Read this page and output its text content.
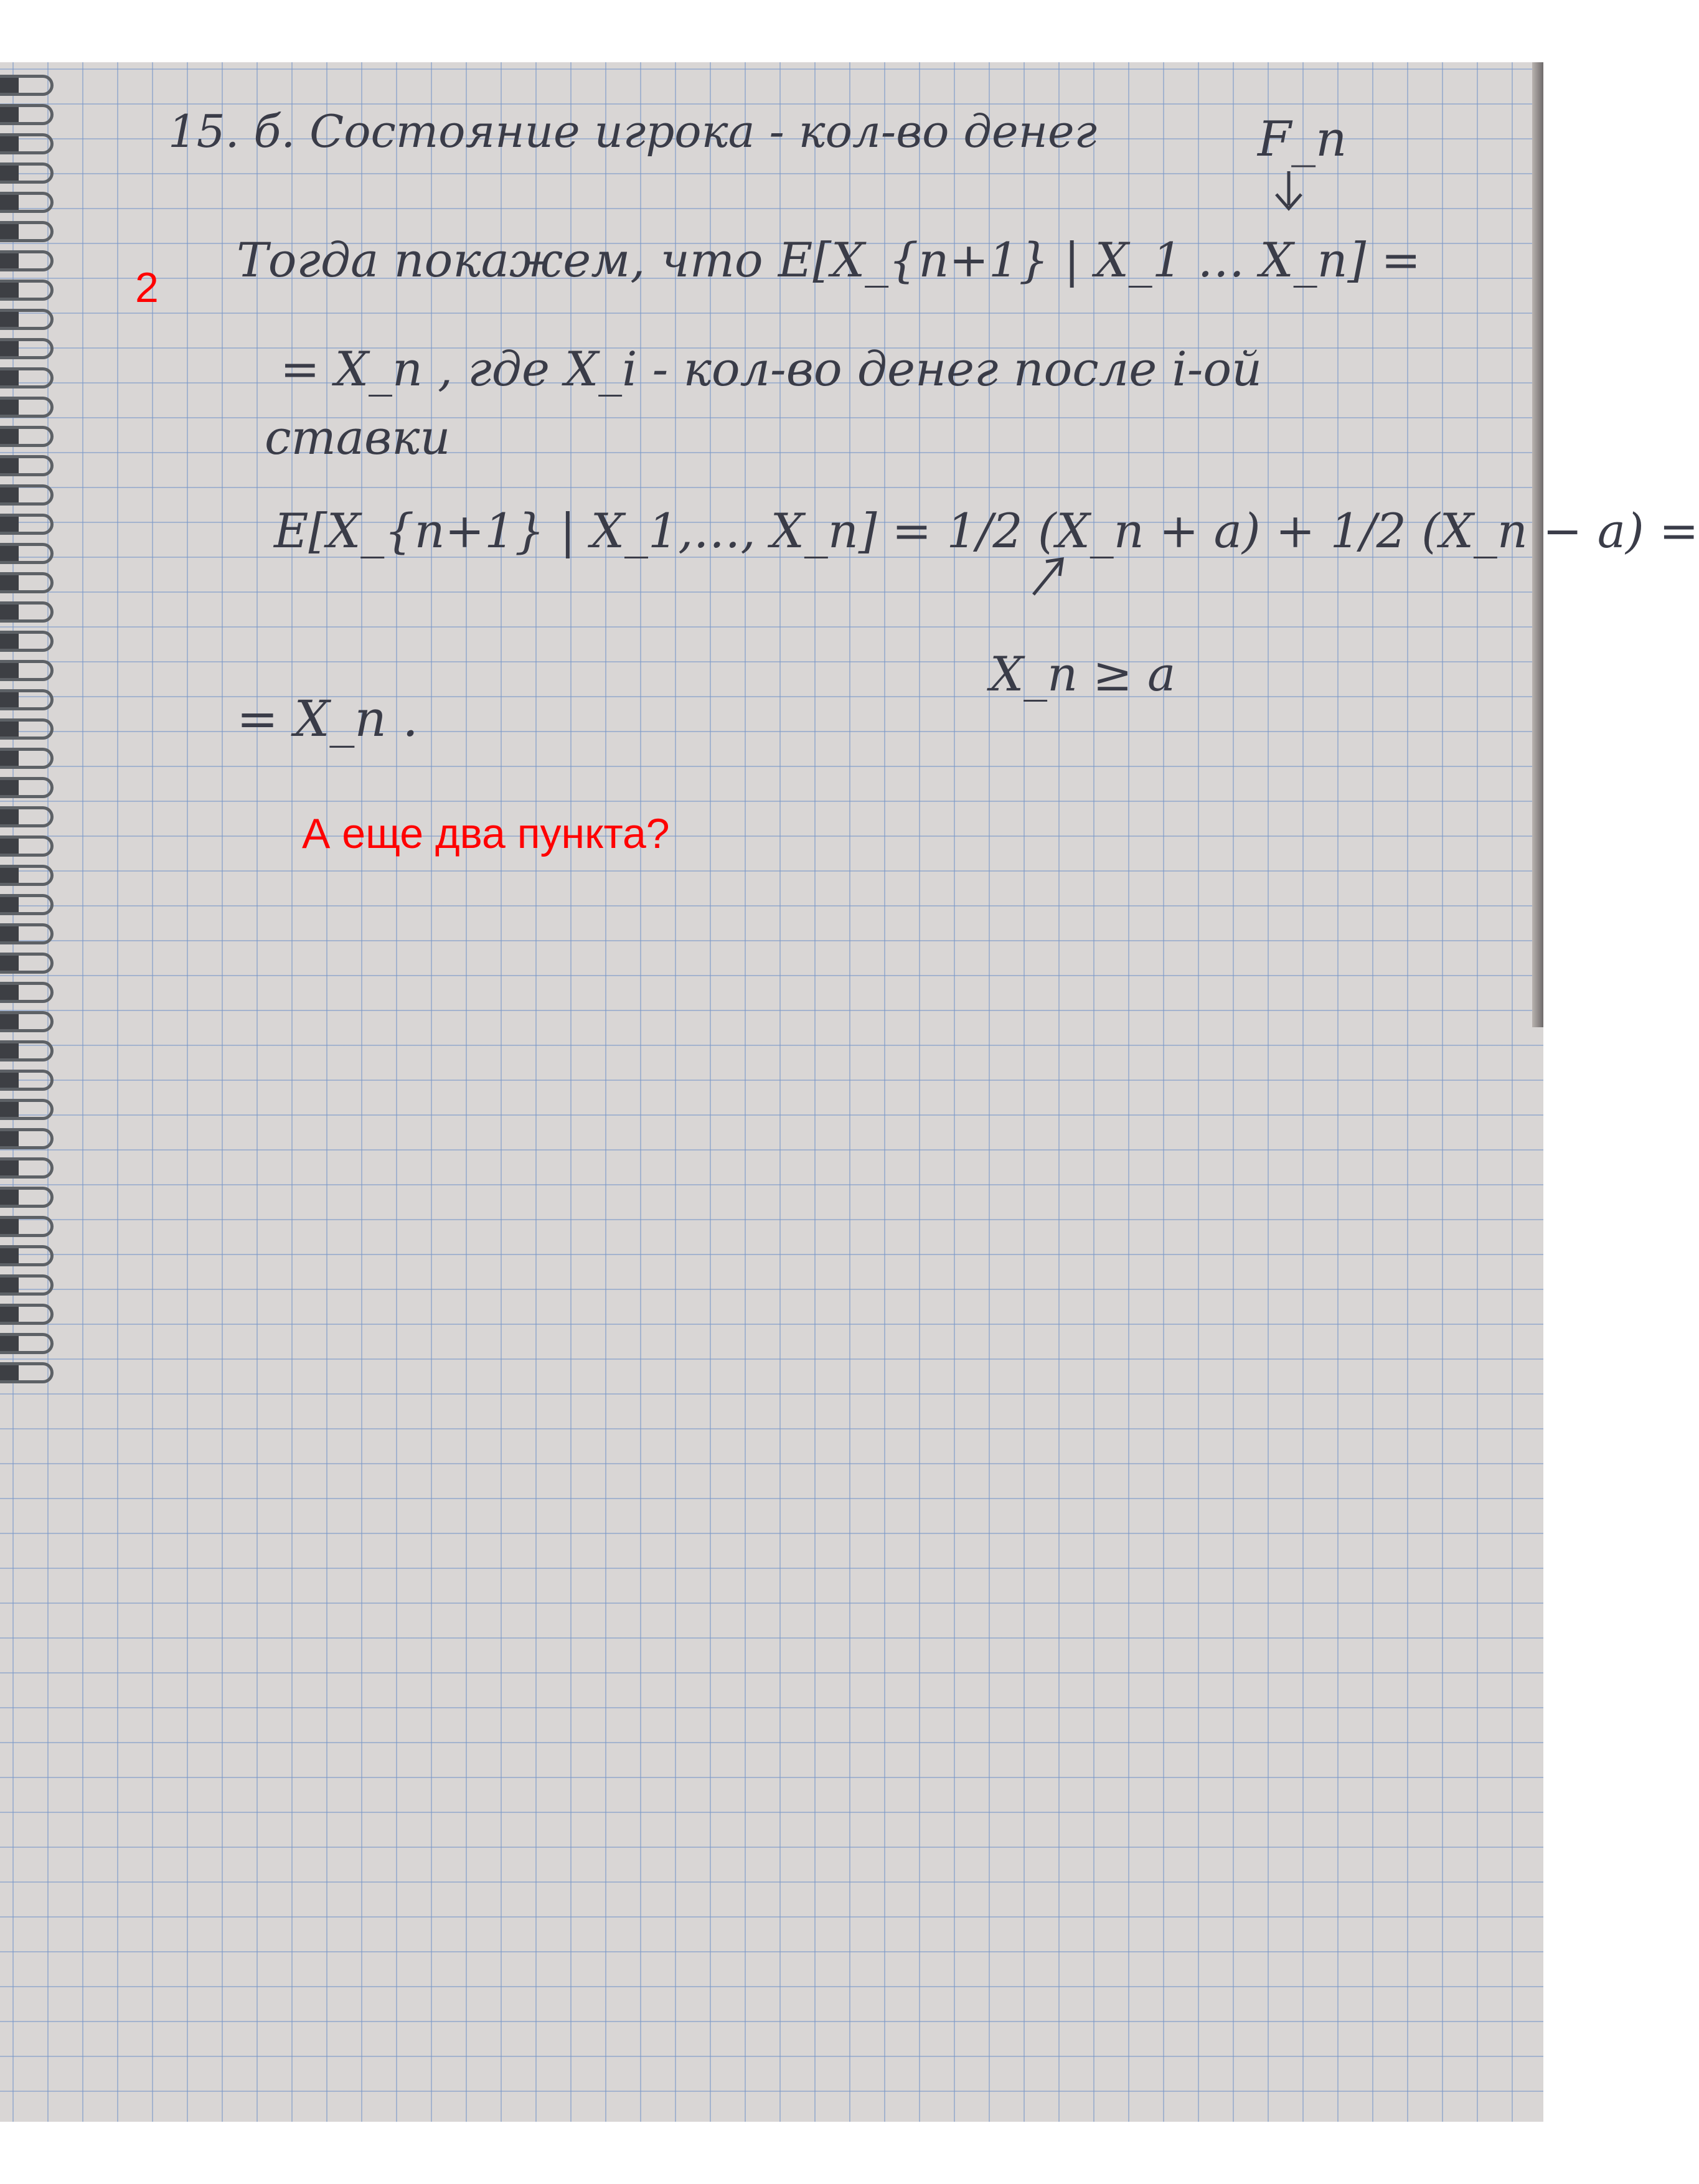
15. б. Состояние игрока - кол-во денег	F_n
2 Тогда покажем, что E[X_{n+1} | X_1 … X_n] =
= X_n , где X_i - кол-во денег после i-ой
ставки
E[X_{n+1} | X_1,…, X_n] = 1/2 (X_n + a) + 1/2 (X_n − a) =
X_n ≥ a
= X_n .
А еще два пункта?
